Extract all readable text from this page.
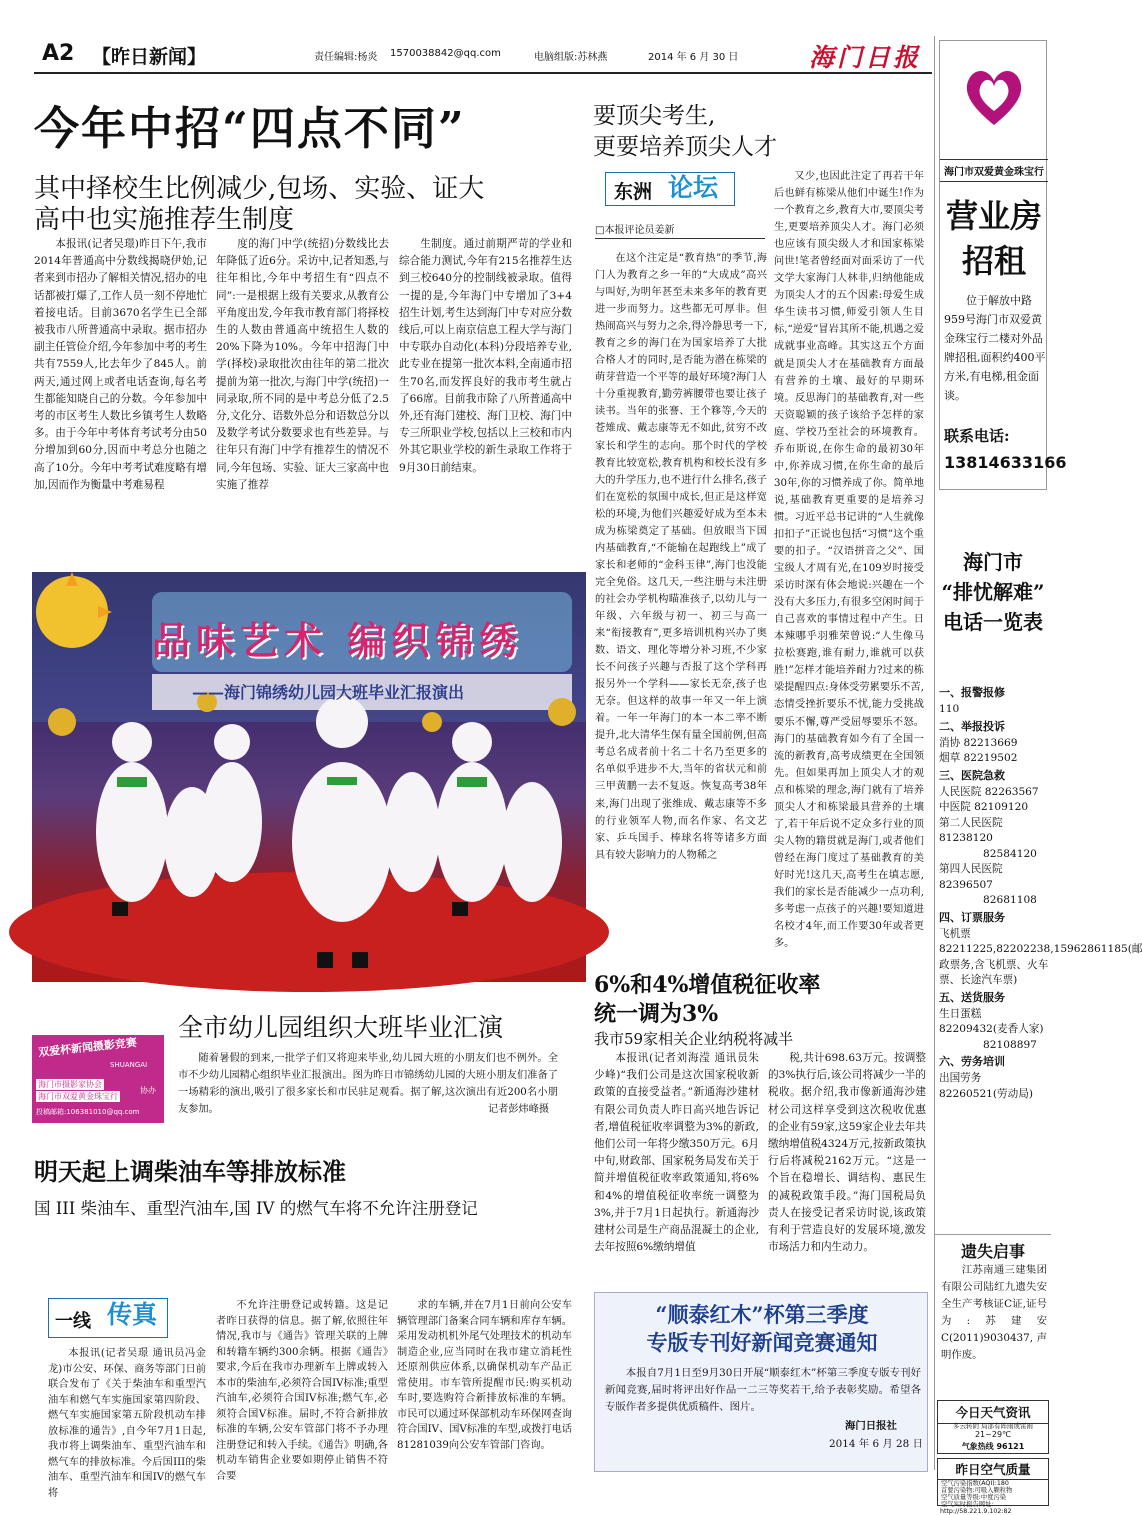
A2 【昨日新闻】	责任编辑:杨炎 1570038842@qq.com	电脑组版:苏林燕	2014 年 6 月 30 日	海门日报
今年中招“四点不同”
其中择校生比例减少,包场、实验、证大
高中也实施推荐生制度

本报讯(记者吴璟)昨日下午,我市2014年普通高中分数线揭晓伊始,记者来到市招办了解相关情况,招办的电话都被打爆了,工作人员一刻不停地忙着接电话。目前3670名学生已全部被我市八所普通高中录取。据市招办副主任管俭介绍,今年参加中考的考生共有7559人,比去年少了845人。前两天,通过网上或者电话查询,每名考生都能知晓自己的分数。今年参加中考的市区考生人数比乡镇考生人数略多。由于今年中考体育考试考分由50分增加到60分,因而中考总分也随之高了10分。今年中考考试难度略有增加,因而作为衡量中考难易程

度的海门中学(统招)分数线比去年降低了近6分。采访中,记者知悉,与往年相比,今年中考招生有“四点不同”:一是根据上级有关要求,从教育公平角度出发,今年我市教育部门将择校生的人数由普通高中统招生人数的20%下降为10%。今年中招海门中学(择校)录取批次由往年的第二批次提前为第一批次,与海门中学(统招)一同录取,所不同的是中考总分低了2.5分,文化分、语数外总分和语数总分以及数学考试分数要求也有些差异。与往年只有海门中学有推荐生的情况不同,今年包场、实验、证大三家高中也实施了推荐

生制度。通过前期严苛的学业和综合能力测试,今年有215名推荐生达到三校640分的控制线被录取。值得一提的是,今年海门中专增加了3+4招生计划,考生达到海门中专对应分数线后,可以上南京信息工程大学与海门中专联办自动化(本科)分段培养专业,此专业在提第一批次本料,全南通市招生70名,而发挥良好的我市考生就占了66席。目前我市除了八所普通高中外,还有海门建校、海门卫校、海门中专三所职业学校,包括以上三校和市内外其它职业学校的新生录取工作将于9月30日前结束。

要顶尖考生,
更要培养顶尖人才
东洲 论坛
□本报评论员姜新

在这个注定是“教育热”的季节,海门人为教育之乡一年的“大成成”高兴与叫好,为明年甚至未来多年的教育更进一步而努力。这些都无可厚非。但热闹高兴与努力之余,得冷静思考一下,教育之乡的海门在为国家培养了大批合格人才的同时,是否能为潜在栋梁的萌芽营造一个平等的最好环境?海门人十分重视教育,勤劳裤腰带也要让孩子读书。当年的张謇、王个簃等,今天的苍雉成、戴志康等无不如此,贫穷不改家长和学生的志向。那个时代的学校教育比较宽松,教育机构和校长没有多大的升学压力,也不进行什么排名,孩子们在宽松的氛围中成长,但正是这样宽松的环境,为他们兴趣爱好成为至本未成为栋梁奠定了基础。但放眼当下国内基础教育,“不能输在起跑线上”成了家长和老师的“金科玉律”,海门也没能完全免俗。这几天,一些注册与未注册的社会办学机构瞄准孩子,以幼儿与一年级、六年级与初一、初三与高一来“衔接教育”,更多培训机构兴办了奥数、语文、理化等增分补习班,不少家长不问孩子兴趣与否报了这个学科再报另外一个学科——家长无奈,孩子也无奈。但这样的故事一年又一年上演着。一年一年海门的本一本二率不断提升,北大清华生保有量全国前例,但高考总名成者前十名二十名乃至更多的名单似乎进步不大,当年的省状元和前三甲黄鹏一去不复返。恢复高考38年来,海门出现了张维成、戴志康等不多的行业领军人物,而名作家、名文艺家、乒乓国手、棒球名将等诸多方面具有较大影响力的人物稀之

又少,也因此注定了再若干年后也鲜有栋梁从他们中诞生!作为一个教育之乡,教育大市,要顶尖考生,更要培养顶尖人才。海门必须也应该有顶尖级人才和国家栋梁问世!笔者曾经面对面采访了一代文学大家海门人林非,归纳他能成为顶尖人才的五个因素:母爱生成华生读书习惯,师爱引领人生目标,“逆爱”冒岩其所不能,机遇之爱成就事业高峰。其实这五个方面就是顶尖人才在基础教育方面最有营养的土壤、最好的早期环境。反思海门的基础教育,对一些天资聪颖的孩子该给予怎样的家庭、学校乃至社会的环境教育。乔布斯说,在你生命的最初30年中,你养成习惯,在你生命的最后30年,你的习惯养成了你。简单地说,基础教育更重要的是培养习惯。习近平总书记讲的“人生就像扣扣子”正说也包括“习惯”这个重要的扣子。“汉语拼音之父”、国宝级人才周有光,在109岁时接受采访时深有体会地说:兴趣在一个没有大多压力,有很多空闲时间于自己喜欢的事情过程中产生。日本辣哪乎羽雅荣曾说:“人生像马拉松赛跑,谁有耐力,谁就可以获胜!”怎样才能培养耐力?过来的栋梁提醒四点:身体受劳累要乐不苦,态情受挫折要乐不忧,能力受挑战要乐不懈,尊严受屈辱要乐不怒。海门的基础教育如今有了全国一流的新教育,高考成绩更在全国领先。但如果再加上顶尖人才的观点和栋梁的理念,海门就有了培养顶尖人才和栋梁最具营养的土壤了,若干年后说不定众多行业的顶尖人物的籍贯就是海门,或者他们曾经在海门度过了基础教育的美好时光!这几天,高考生在填志愿,我们的家长是否能减少一点功利,多考虑一点孩子的兴趣!要知道进名校才4年,而工作要30年或者更多。

品味艺术 编织锦绣
——海门锦绣幼儿园大班毕业汇报演出
全市幼儿园组织大班毕业汇演
双爱杯新闻摄影竞赛
SHUANGAI
海门市摄影家协会
海门市双爱黄金珠宝行
协办
投稿邮箱:106381010@qq.com

随着暑假的到来,一批学子们又将迎来毕业,幼儿园大班的小朋友们也不例外。全市不少幼儿园精心组织毕业汇报演出。图为昨日市锦绣幼儿园的大班小朋友们准备了一场精彩的演出,吸引了很多家长和市民驻足观看。据了解,这次演出有近200名小朋友参加。	记者彭炜峰摄
6%和4%增值税征收率
统一调为3%
我市59家相关企业纳税将减半

本报讯(记者刘海滢 通讯员朱少峰)“我们公司是这次国家税收新政策的直接受益者。”新通海沙建材有限公司负责人昨日高兴地告诉记者,增值税征收率调整为3%的新政,他们公司一年将少缴350万元。6月中旬,财政部、国家税务局发布关于简并增值税征收率政策通知,将6%和4%的增值税征收率统一调整为3%,并于7月1日起执行。新通海沙建材公司是生产商品混凝土的企业,去年按照6%缴纳增值

税,共计698.63万元。按调整的3%执行后,该公司将减少一半的税收。据介绍,我市像新通海沙建材公司这样享受到这次税收优惠的企业有59家,这59家企业去年共缴纳增值税4324万元,按新政策执行后将减税2162万元。“这是一个旨在稳增长、调结构、惠民生的减税政策手段。”海门国税局负责人在接受记者采访时说,该政策有利于营造良好的发展环境,激发市场活力和内生动力。

明天起上调柴油车等排放标准
国 III 柴油车、重型汽油车,国 IV 的燃气车将不允许注册登记
一线 传真

本报讯(记者吴璟 通讯员冯金龙)市公安、环保、商务等部门日前联合发布了《关于柴油车和重型汽油车和燃气车实施国家第四阶段、燃气车实施国家第五阶段机动车排放标准的通告》,自今年7月1日起,我市将上调柴油车、重型汽油车和燃气车的排放标准。今后国III的柴油车、重型汽油车和国IV的燃气车将

不允许注册登记或转籍。这是记者昨日获得的信息。据了解,依照往年情况,我市与《通告》管理关联的上牌和转籍车辆约300余辆。根据《通告》要求,今后在我市办理新车上牌或转入本市的柴油车,必须符合国IV标准;重型汽油车,必须符合国IV标准;燃气车,必须符合国V标准。届时,不符合新排放标准的车辆,公安车管部门将不予办理注册登记和转入手续。《通告》明确,各机动车销售企业要如期停止销售不符合要

求的车辆,并在7月1日前向公安车辆管理部门备案合同车辆和库存车辆。采用发动机机外尾气处理技术的机动车制造企业,应当同时在我市建立消耗性还原剂供应体系,以确保机动车产品正常使用。市车管所提醒市民:购买机动车时,要选购符合新排放标准的车辆。市民可以通过环保部机动车环保网查询符合国IV、国V标准的车型,或拨打电话81281039向公安车管部门咨询。

“顺泰红木”杯第三季度
专版专刊好新闻竞赛通知

本报自7月1日至9月30日开展“顺泰红木”杯第三季度专版专刊好新闻竞赛,届时将评出好作品一二三等奖若干,给予表彰奖励。希望各专版作者多提供优质稿件、图片。

海门日报社
2014 年 6 月 28 日
海门市双爱黄金珠宝行
营业房
招租

位于解放中路959号海门市双爱黄金珠宝行二楼对外品牌招租,面积约400平方米,有电梯,租金面谈。

联系电话:
13814633166
海门市
“排忧解难”
电话一览表

一、报警报修

110

二、举报投诉

消协 82213669

烟草 82219502

三、医院急救

人民医院 82263567

中医院 82109120

第二人民医院 81238120

82584120

第四人民医院 82396507

82681108

四、订票服务

飞机票 82211225,82202238,15962861185(邮政票务,含飞机票、火车票、长途汽车票)

五、送货服务

生日蛋糕 82209432(麦香人家)

82108897

六、劳务培训

出国劳务 82260521(劳动局)

遗失启事

江苏南通三建集团有限公司陆红九遗失安全生产考核证C证,证号为:苏建安C(2011)9030437,声明作废。

今日天气资讯
多云转阴 局部有阵雨或雷雨
21~29℃
气象热线 96121
昨日空气质量
空气污染指数(AQI):180
首要污染物:可吸入颗粒物
空气质量等级:中度污染
空气实时报告网址:
http://58.221.9.102:82
